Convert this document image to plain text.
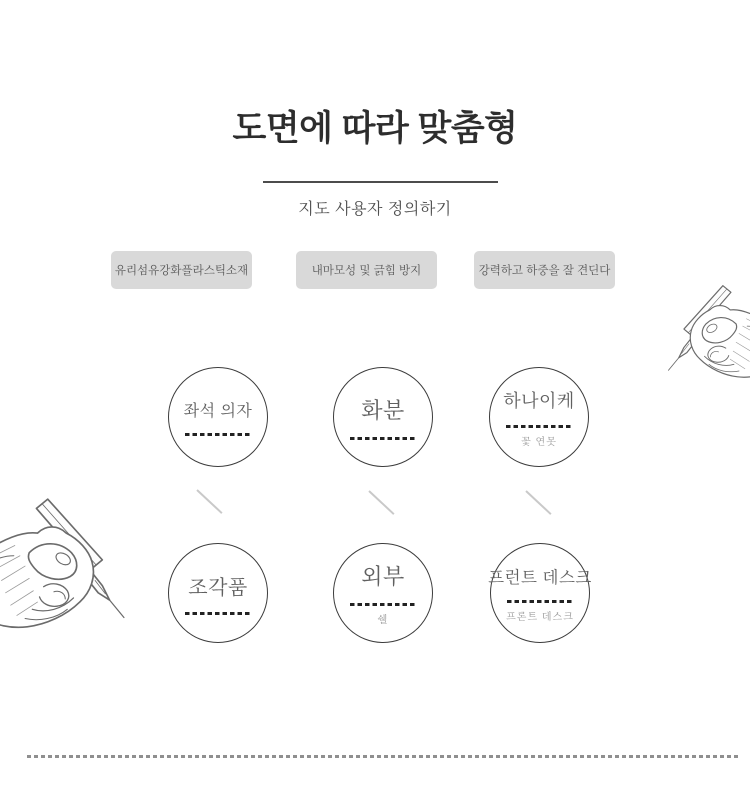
도면에 따라 맞춤형
지도 사용자 정의하기
유리섬유강화플라스틱소재	내마모성 및 긁힘 방지	강력하고 하중을 잘 견딘다
좌석 의자	화분	하나이케
꽃 연못
조각품	외부
쉘
프런트 데스크
프론트 데스크
